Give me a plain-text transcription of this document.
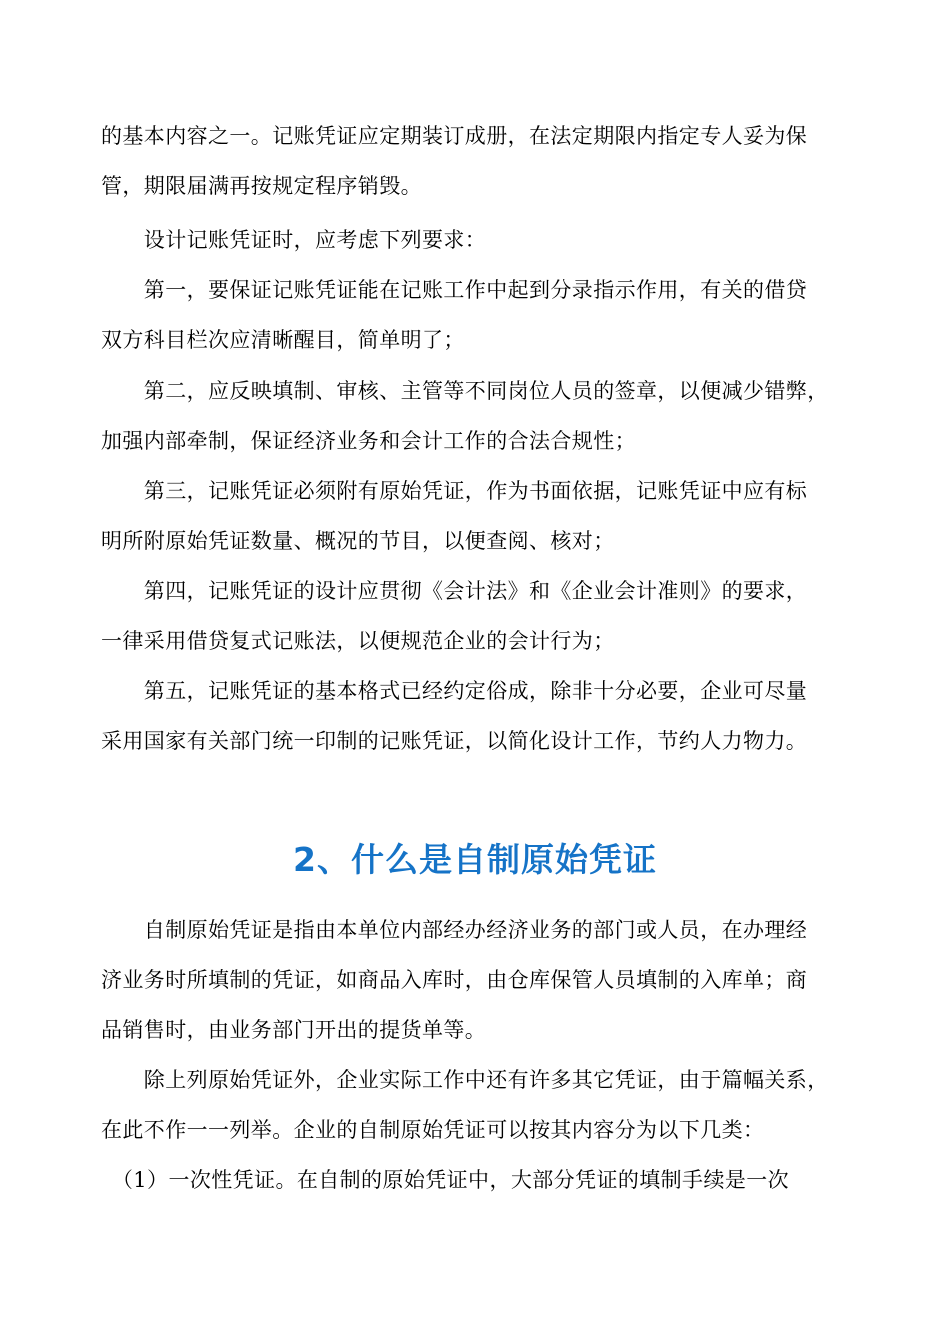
的基本内容之一。记账凭证应定期装订成册，在法定期限内指定专人妥为保
管，期限届满再按规定程序销毁。

　　设计记账凭证时，应考虑下列要求：

　　第一，要保证记账凭证能在记账工作中起到分录指示作用，有关的借贷
双方科目栏次应清晰醒目，简单明了；

　　第二，应反映填制、审核、主管等不同岗位人员的签章，以便减少错弊，
加强内部牵制，保证经济业务和会计工作的合法合规性；

　　第三，记账凭证必须附有原始凭证，作为书面依据，记账凭证中应有标
明所附原始凭证数量、概况的节目，以便查阅、核对；

　　第四，记账凭证的设计应贯彻《会计法》和《企业会计准则》的要求，
一律采用借贷复式记账法，以便规范企业的会计行为；

　　第五，记账凭证的基本格式已经约定俗成，除非十分必要，企业可尽量
采用国家有关部门统一印制的记账凭证，以简化设计工作，节约人力物力。

2、什么是自制原始凭证

　　自制原始凭证是指由本单位内部经办经济业务的部门或人员，在办理经
济业务时所填制的凭证，如商品入库时，由仓库保管人员填制的入库单；商
品销售时，由业务部门开出的提货单等。

　　除上列原始凭证外，企业实际工作中还有许多其它凭证，由于篇幅关系，
在此不作一一列举。企业的自制原始凭证可以按其内容分为以下几类：

　（1）一次性凭证。在自制的原始凭证中，大部分凭证的填制手续是一次
